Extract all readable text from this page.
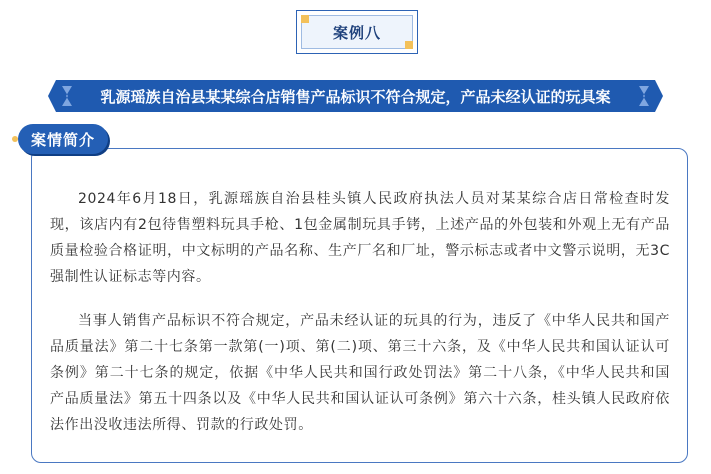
案例八
乳源瑶族自治县某某综合店销售产品标识不符合规定，产品未经认证的玩具案
案情简介

2024年6月18日，乳源瑶族自治县桂头镇人民政府执法人员对某某综合店日常检查时发现，该店内有2包待售塑料玩具手枪、1包金属制玩具手铐，上述产品的外包装和外观上无有产品质量检验合格证明，中文标明的产品名称、生产厂名和厂址，警示标志或者中文警示说明，无3C强制性认证标志等内容。

当事人销售产品标识不符合规定，产品未经认证的玩具的行为，违反了《中华人民共和国产品质量法》第二十七条第一款第(一)项、第(二)项、第三十六条，及《中华人民共和国认证认可条例》第二十七条的规定，依据《中华人民共和国行政处罚法》第二十八条，《中华人民共和国产品质量法》第五十四条以及《中华人民共和国认证认可条例》第六十六条，桂头镇人民政府依法作出没收违法所得、罚款的行政处罚。
